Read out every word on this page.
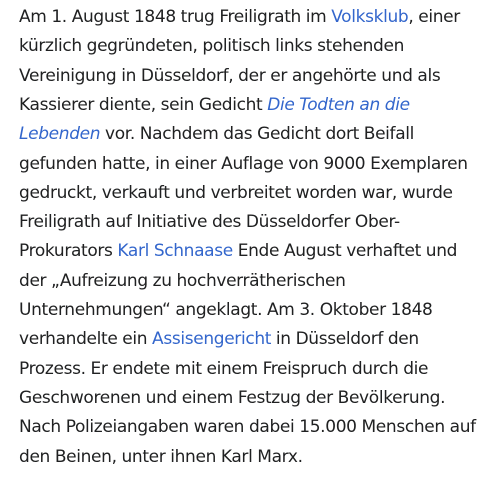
Am 1. August 1848 trug Freiligrath im Volksklub, einer
kürzlich gegründeten, politisch links stehenden
Vereinigung in Düsseldorf, der er angehörte und als
Kassierer diente, sein Gedicht Die Todten an die
Lebenden vor. Nachdem das Gedicht dort Beifall
gefunden hatte, in einer Auflage von 9000 Exemplaren
gedruckt, verkauft und verbreitet worden war, wurde
Freiligrath auf Initiative des Düsseldorfer Ober-
Prokurators Karl Schnaase Ende August verhaftet und
der „Aufreizung zu hochverrätherischen
Unternehmungen“ angeklagt. Am 3. Oktober 1848
verhandelte ein Assisengericht in Düsseldorf den
Prozess. Er endete mit einem Freispruch durch die
Geschworenen und einem Festzug der Bevölkerung.
Nach Polizeiangaben waren dabei 15.000 Menschen auf
den Beinen, unter ihnen Karl Marx.
